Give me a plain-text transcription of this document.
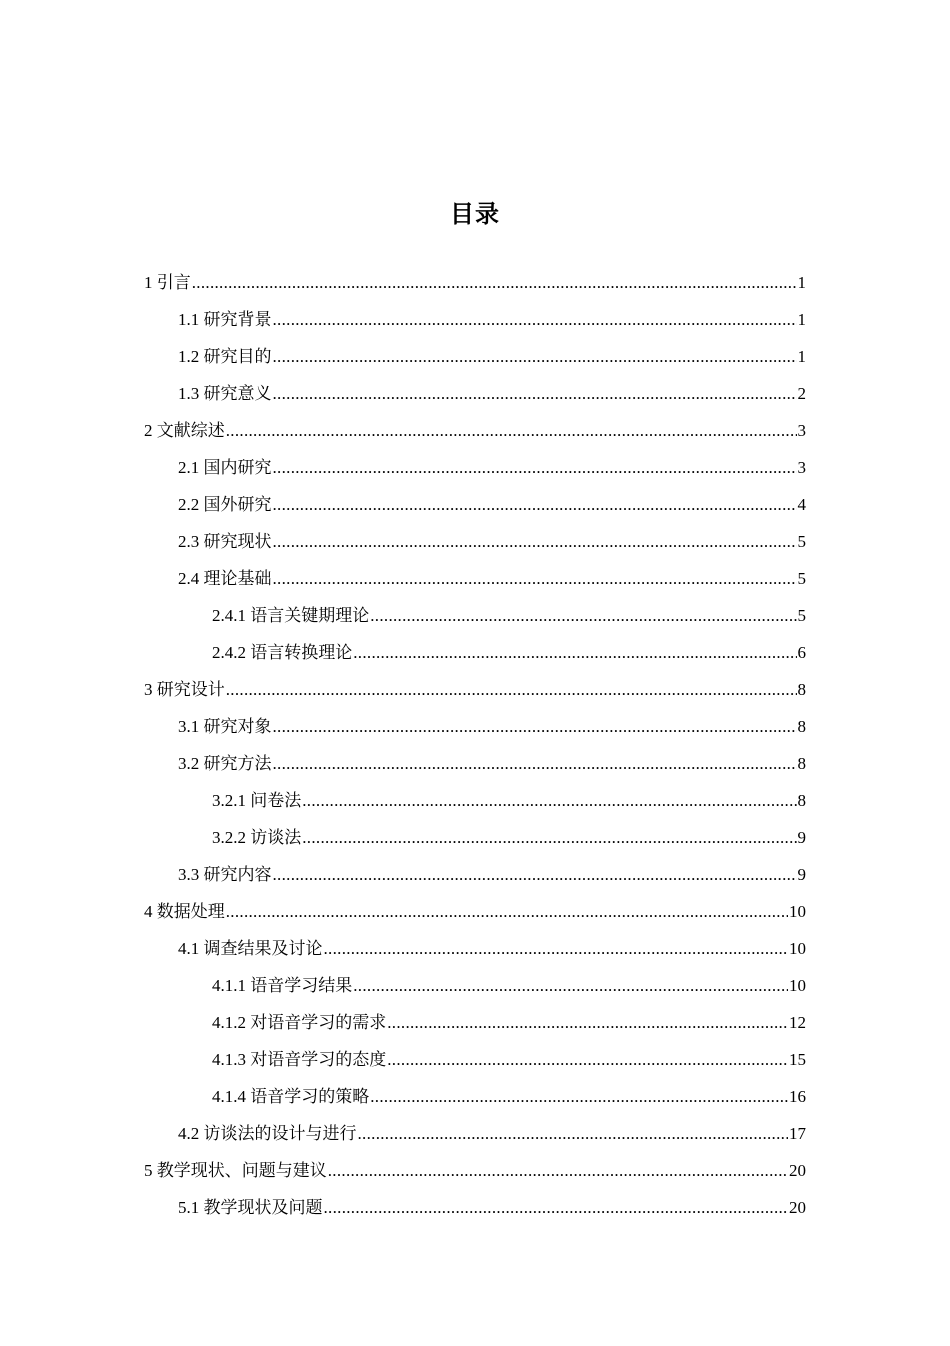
目录
1 引言 .....	1
1.1 研究背景 .....	1
1.2 研究目的 .....	1
1.3 研究意义 .....	2
2 文献综述 .....	3
2.1 国内研究 .....	3
2.2 国外研究 .....	4
2.3 研究现状 .....	5
2.4 理论基础 .....	5
2.4.1 语言关键期理论 .....	5
2.4.2 语言转换理论 .....	6
3 研究设计 .....	8
3.1 研究对象 .....	8
3.2 研究方法 .....	8
3.2.1 问卷法 .....	8
3.2.2 访谈法 .....	9
3.3 研究内容 .....	9
4 数据处理 .....	10
4.1 调查结果及讨论 .....	10
4.1.1 语音学习结果 .....	10
4.1.2 对语音学习的需求 .....	12
4.1.3 对语音学习的态度 .....	15
4.1.4 语音学习的策略 .....	16
4.2 访谈法的设计与进行 .....	17
5 教学现状、问题与建议 .....	20
5.1 教学现状及问题 .....	20
